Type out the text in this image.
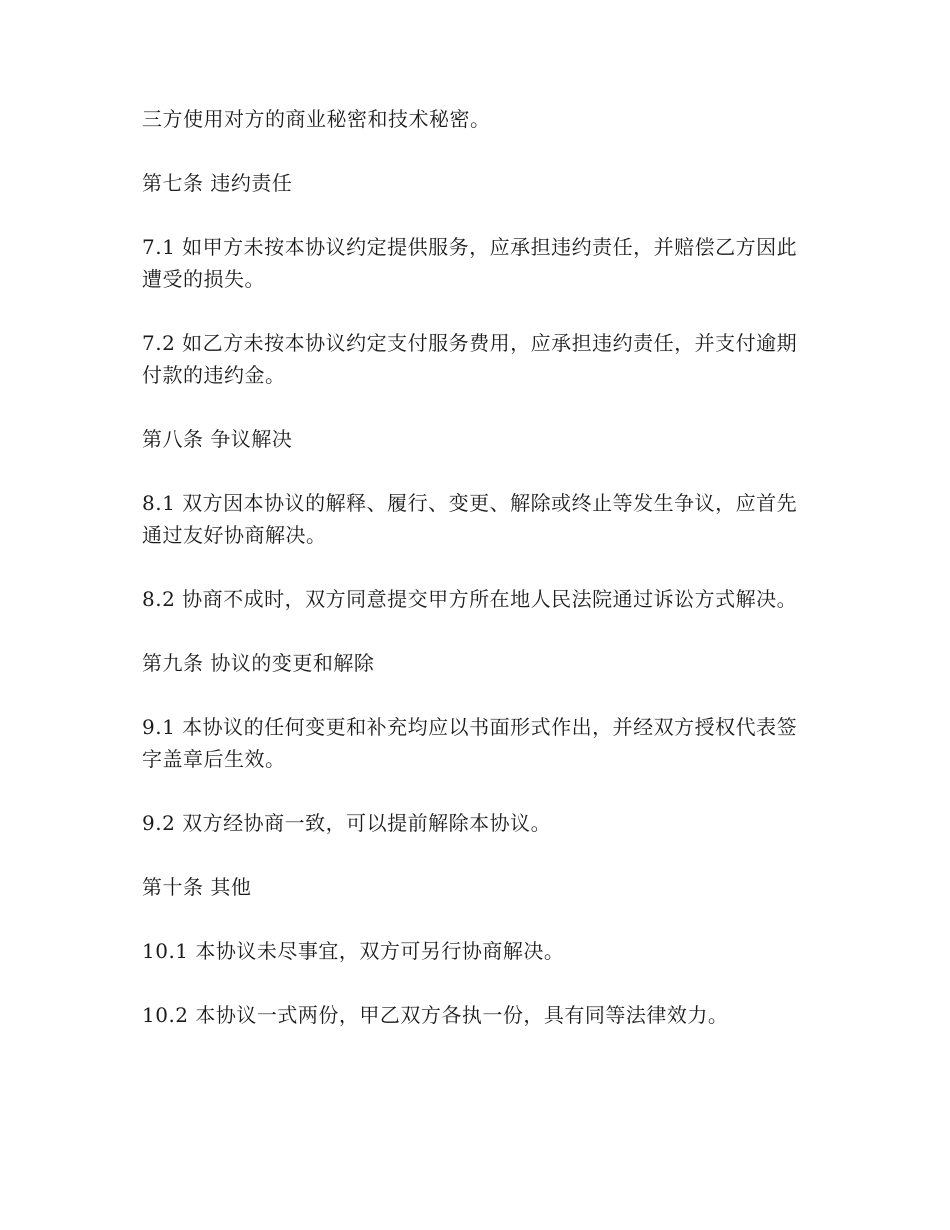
三方使用对方的商业秘密和技术秘密。

第七条 违约责任

7.1 如甲方未按本协议约定提供服务，应承担违约责任，并赔偿乙方因此遭受的损失。

7.2 如乙方未按本协议约定支付服务费用，应承担违约责任，并支付逾期付款的违约金。

第八条 争议解决

8.1 双方因本协议的解释、履行、变更、解除或终止等发生争议，应首先通过友好协商解决。

8.2 协商不成时，双方同意提交甲方所在地人民法院通过诉讼方式解决。

第九条 协议的变更和解除

9.1 本协议的任何变更和补充均应以书面形式作出，并经双方授权代表签字盖章后生效。

9.2 双方经协商一致，可以提前解除本协议。

第十条 其他

10.1 本协议未尽事宜，双方可另行协商解决。

10.2 本协议一式两份，甲乙双方各执一份，具有同等法律效力。
